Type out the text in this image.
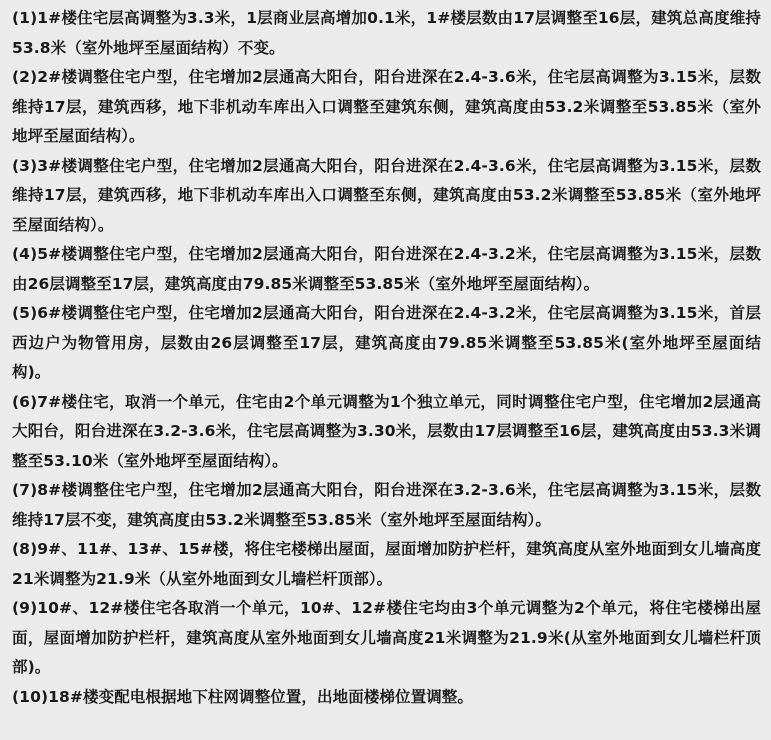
(1)1#楼住宅层高调整为3.3米，1层商业层高增加0.1米，1#楼层数由17层调整至16层，建筑总高度维持53.8米（室外地坪至屋面结构）不变。

(2)2#楼调整住宅户型，住宅增加2层通高大阳台，阳台进深在2.4-3.6米，住宅层高调整为3.15米，层数维持17层，建筑西移，地下非机动车库出入口调整至建筑东侧，建筑高度由53.2米调整至53.85米（室外地坪至屋面结构）。

(3)3#楼调整住宅户型，住宅增加2层通高大阳台，阳台进深在2.4-3.6米，住宅层高调整为3.15米，层数维持17层，建筑西移，地下非机动车库出入口调整至东侧，建筑高度由53.2米调整至53.85米（室外地坪至屋面结构）。

(4)5#楼调整住宅户型，住宅增加2层通高大阳台，阳台进深在2.4-3.2米，住宅层高调整为3.15米，层数由26层调整至17层，建筑高度由79.85米调整至53.85米（室外地坪至屋面结构）。

(5)6#楼调整住宅户型，住宅增加2层通高大阳台，阳台进深在2.4-3.2米，住宅层高调整为3.15米，首层西边户为物管用房，层数由26层调整至17层，建筑高度由79.85米调整至53.85米(室外地坪至屋面结构)。

(6)7#楼住宅，取消一个单元，住宅由2个单元调整为1个独立单元，同时调整住宅户型，住宅增加2层通高大阳台，阳台进深在3.2-3.6米，住宅层高调整为3.30米，层数由17层调整至16层，建筑高度由53.3米调整至53.10米（室外地坪至屋面结构）。

(7)8#楼调整住宅户型，住宅增加2层通高大阳台，阳台进深在3.2-3.6米，住宅层高调整为3.15米，层数维持17层不变，建筑高度由53.2米调整至53.85米（室外地坪至屋面结构）。

(8)9#、11#、13#、15#楼，将住宅楼梯出屋面，屋面增加防护栏杆，建筑高度从室外地面到女儿墙高度21米调整为21.9米（从室外地面到女儿墙栏杆顶部）。

(9)10#、12#楼住宅各取消一个单元，10#、12#楼住宅均由3个单元调整为2个单元，将住宅楼梯出屋面，屋面增加防护栏杆，建筑高度从室外地面到女儿墙高度21米调整为21.9米(从室外地面到女儿墙栏杆顶部)。

(10)18#楼变配电根据地下柱网调整位置，出地面楼梯位置调整。
